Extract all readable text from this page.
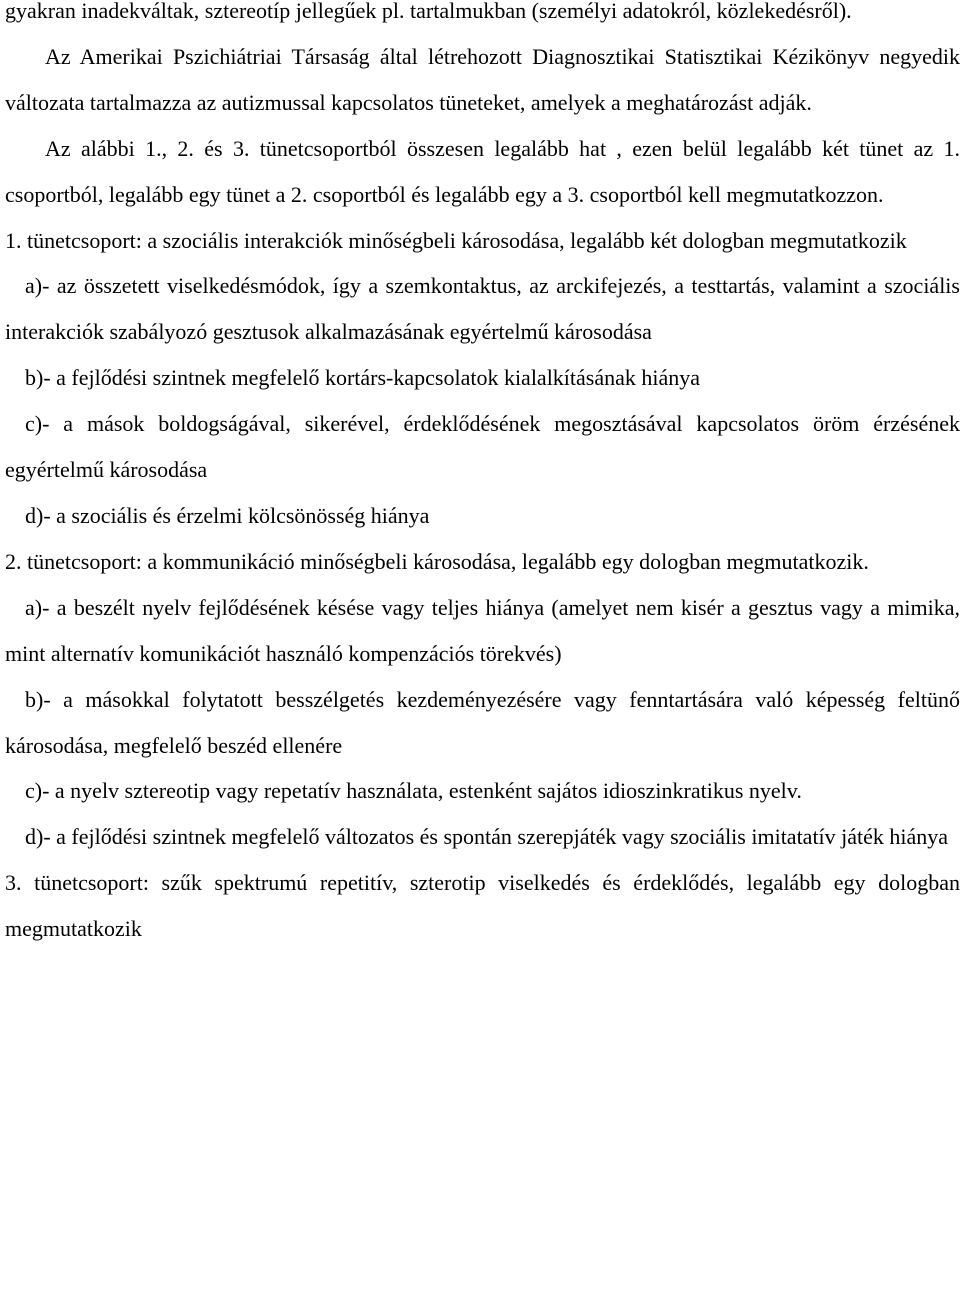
gyakran inadekváltak, sztereotíp jellegűek pl. tartalmukban (személyi adatokról, közlekedésről).

Az Amerikai Pszichiátriai Társaság által létrehozott Diagnosztikai Statisztikai Kézikönyv negyedik változata tartalmazza az autizmussal kapcsolatos tüneteket, amelyek a meghatározást adják.

Az alábbi 1., 2. és 3. tünetcsoportból összesen legalább hat , ezen belül legalább két tünet az 1. csoportból, legalább egy tünet a 2. csoportból és legalább egy a 3. csoportból kell megmutatkozzon.

1. tünetcsoport: a szociális interakciók minőségbeli károsodása, legalább két dologban megmutatkozik

a)- az összetett viselkedésmódok, így a szemkontaktus, az arckifejezés, a testtartás, valamint a szociális interakciók szabályozó gesztusok alkalmazásának egyértelmű károsodása

b)- a fejlődési szintnek megfelelő kortárs-kapcsolatok kialalkításának hiánya

c)- a mások boldogságával, sikerével, érdeklődésének megosztásával kapcsolatos öröm érzésének egyértelmű károsodása

d)- a szociális és érzelmi kölcsönösség hiánya

2. tünetcsoport: a kommunikáció minőségbeli károsodása, legalább egy dologban megmutatkozik.

a)- a beszélt nyelv fejlődésének késése vagy teljes hiánya (amelyet nem kisér a gesztus vagy a mimika, mint alternatív komunikációt használó kompenzációs törekvés)

b)- a másokkal folytatott besszélgetés kezdeményezésére vagy fenntartására való képesség feltünő károsodása, megfelelő beszéd ellenére

c)- a nyelv sztereotip vagy repetatív használata, estenként sajátos idioszinkratikus nyelv.

d)- a fejlődési szintnek megfelelő változatos és spontán szerepjáték vagy szociális imitatatív játék hiánya

3. tünetcsoport: szűk spektrumú repetitív, szterotip viselkedés és érdeklődés, legalább egy dologban megmutatkozik
